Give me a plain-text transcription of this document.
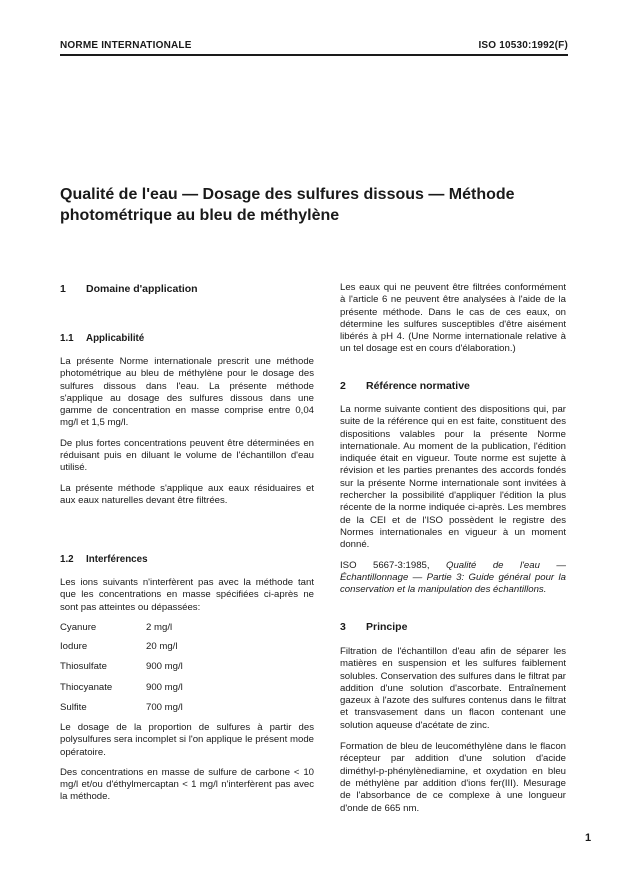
NORME INTERNATIONALE	ISO 10530:1992(F)
Qualité de l'eau — Dosage des sulfures dissous — Méthode
photométrique au bleu de méthylène
1 Domaine d'application
1.1 Applicabilité

La présente Norme internationale prescrit une méthode photométrique au bleu de méthylène pour le dosage des sulfures dissous dans l'eau. La présente méthode s'applique au dosage des sulfures dissous dans une gamme de concentration en masse comprise entre 0,04 mg/l et 1,5 mg/l.

De plus fortes concentrations peuvent être déterminées en réduisant puis en diluant le volume de l'échantillon d'eau utilisé.

La présente méthode s'applique aux eaux résiduaires et aux eaux naturelles devant être filtrées.

1.2 Interférences

Les ions suivants n'interfèrent pas avec la méthode tant que les concentrations en masse spécifiées ci-après ne sont pas atteintes ou dépassées:

Cyanure	2 mg/l
Iodure	20 mg/l
Thiosulfate	900 mg/l
Thiocyanate	900 mg/l
Sulfite	700 mg/l

Le dosage de la proportion de sulfures à partir des polysulfures sera incomplet si l'on applique le présent mode opératoire.

Des concentrations en masse de sulfure de carbone < 10 mg/l et/ou d'éthylmercaptan < 1 mg/l n'interfèrent pas avec la méthode.

Les eaux qui ne peuvent être filtrées conformément à l'article 6 ne peuvent être analysées à l'aide de la présente méthode. Dans le cas de ces eaux, on détermine les sulfures susceptibles d'être aisément libérés à pH 4. (Une Norme internationale relative à un tel dosage est en cours d'élaboration.)

2 Référence normative

La norme suivante contient des dispositions qui, par suite de la référence qui en est faite, constituent des dispositions valables pour la présente Norme internationale. Au moment de la publication, l'édition indiquée était en vigueur. Toute norme est sujette à révision et les parties prenantes des accords fondés sur la présente Norme internationale sont invitées à rechercher la possibilité d'appliquer l'édition la plus récente de la norme indiquée ci-après. Les membres de la CEI et de l'ISO possèdent le registre des Normes internationales en vigueur à un moment donné.

ISO 5667-3:1985, Qualité de l'eau — Échantillonnage — Partie 3: Guide général pour la conservation et la manipulation des échantillons.

3 Principe

Filtration de l'échantillon d'eau afin de séparer les matières en suspension et les sulfures faiblement solubles. Conservation des sulfures dans le filtrat par addition d'une solution d'ascorbate. Entraînement gazeux à l'azote des sulfures contenus dans le filtrat et transvasement dans un flacon contenant une solution aqueuse d'acétate de zinc.

Formation de bleu de leucométhylène dans le flacon récepteur par addition d'une solution d'acide diméthyl-p-phénylènediamine, et oxydation en bleu de méthylène par addition d'ions fer(III). Mesurage de l'absorbance de ce complexe à une longueur d'onde de 665 nm.

1
